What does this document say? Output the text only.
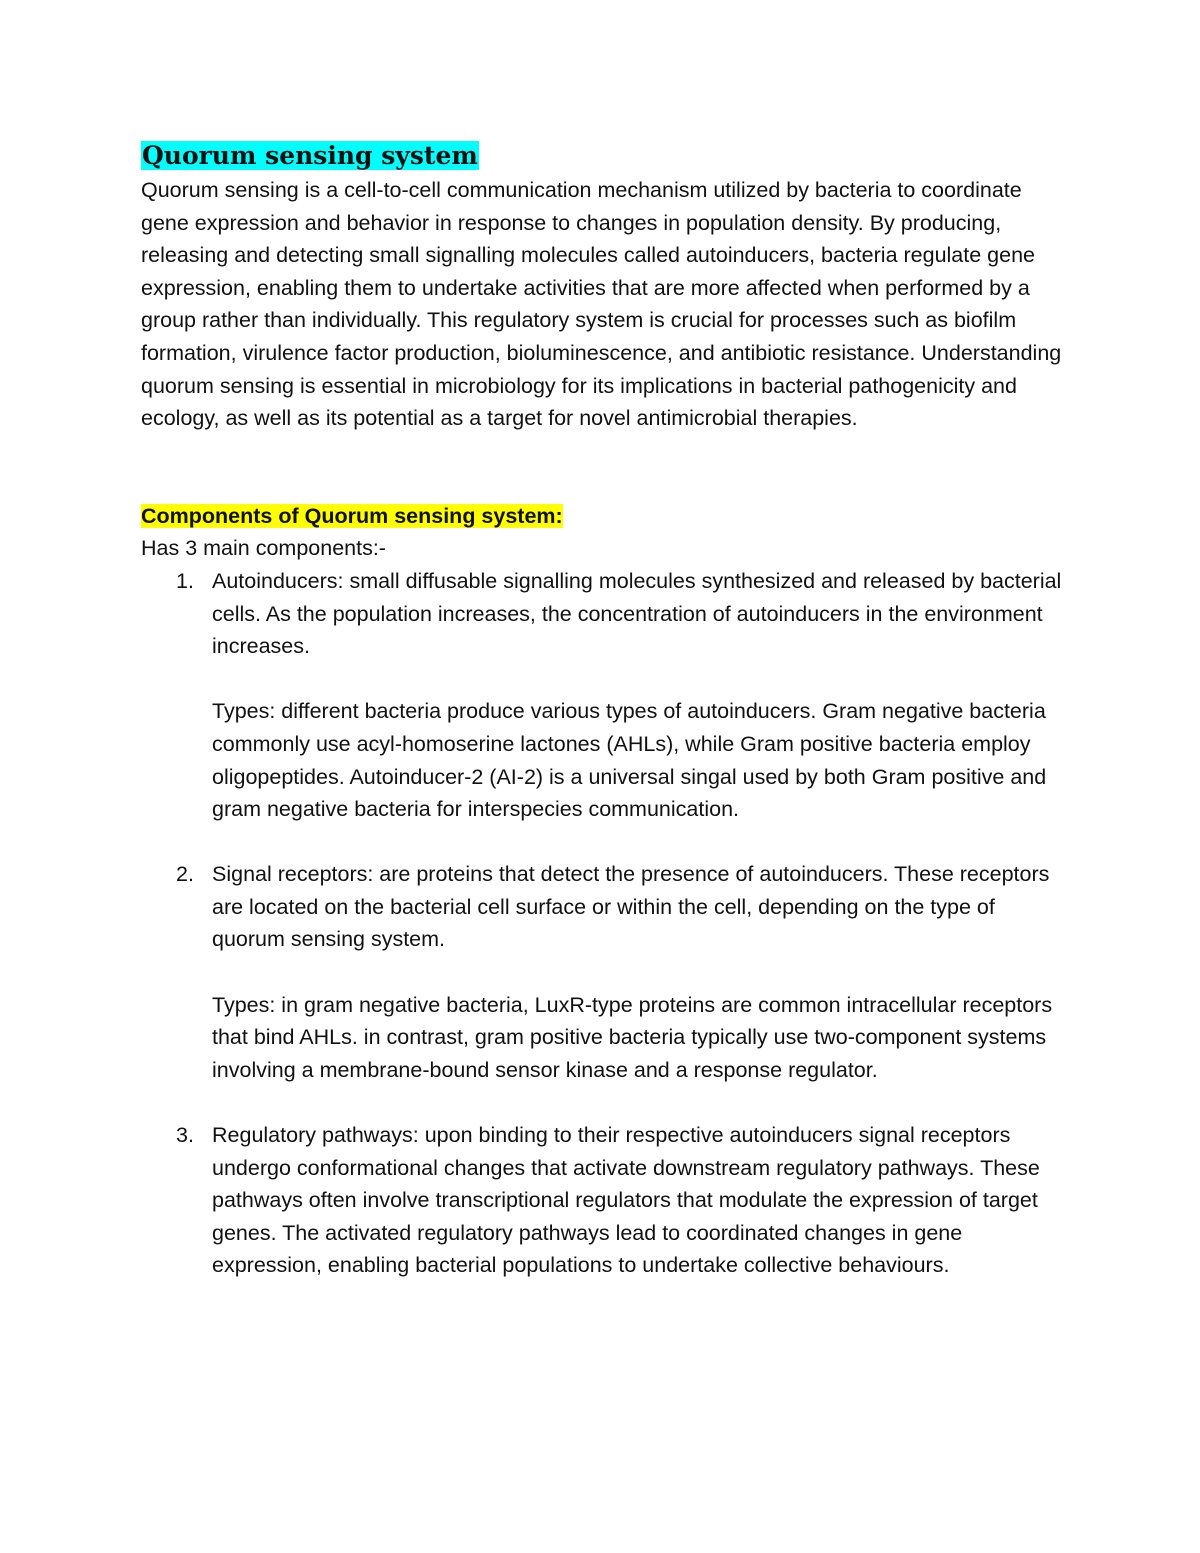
Quorum sensing system

Quorum sensing is a cell-to-cell communication mechanism utilized by bacteria to coordinate gene expression and behavior in response to changes in population density. By producing, releasing and detecting small signalling molecules called autoinducers, bacteria regulate gene expression, enabling them to undertake activities that are more affected when performed by a group rather than individually. This regulatory system is crucial for processes such as biofilm formation, virulence factor production, bioluminescence, and antibiotic resistance. Understanding quorum sensing is essential in microbiology for its implications in bacterial pathogenicity and ecology, as well as its potential as a target for novel antimicrobial therapies.

Components of Quorum sensing system:

Has 3 main components:-

1. Autoinducers: small diffusable signalling molecules synthesized and released by bacterial cells. As the population increases, the concentration of autoinducers in the environment increases.

Types: different bacteria produce various types of autoinducers. Gram negative bacteria commonly use acyl-homoserine lactones (AHLs), while Gram positive bacteria employ oligopeptides. Autoinducer-2 (AI-2) is a universal singal used by both Gram positive and gram negative bacteria for interspecies communication.

2. Signal receptors: are proteins that detect the presence of autoinducers. These receptors are located on the bacterial cell surface or within the cell, depending on the type of quorum sensing system.

Types: in gram negative bacteria, LuxR-type proteins are common intracellular receptors that bind AHLs. in contrast, gram positive bacteria typically use two-component systems involving a membrane-bound sensor kinase and a response regulator.

3. Regulatory pathways: upon binding to their respective autoinducers signal receptors undergo conformational changes that activate downstream regulatory pathways. These pathways often involve transcriptional regulators that modulate the expression of target genes. The activated regulatory pathways lead to coordinated changes in gene expression, enabling bacterial populations to undertake collective behaviours.
